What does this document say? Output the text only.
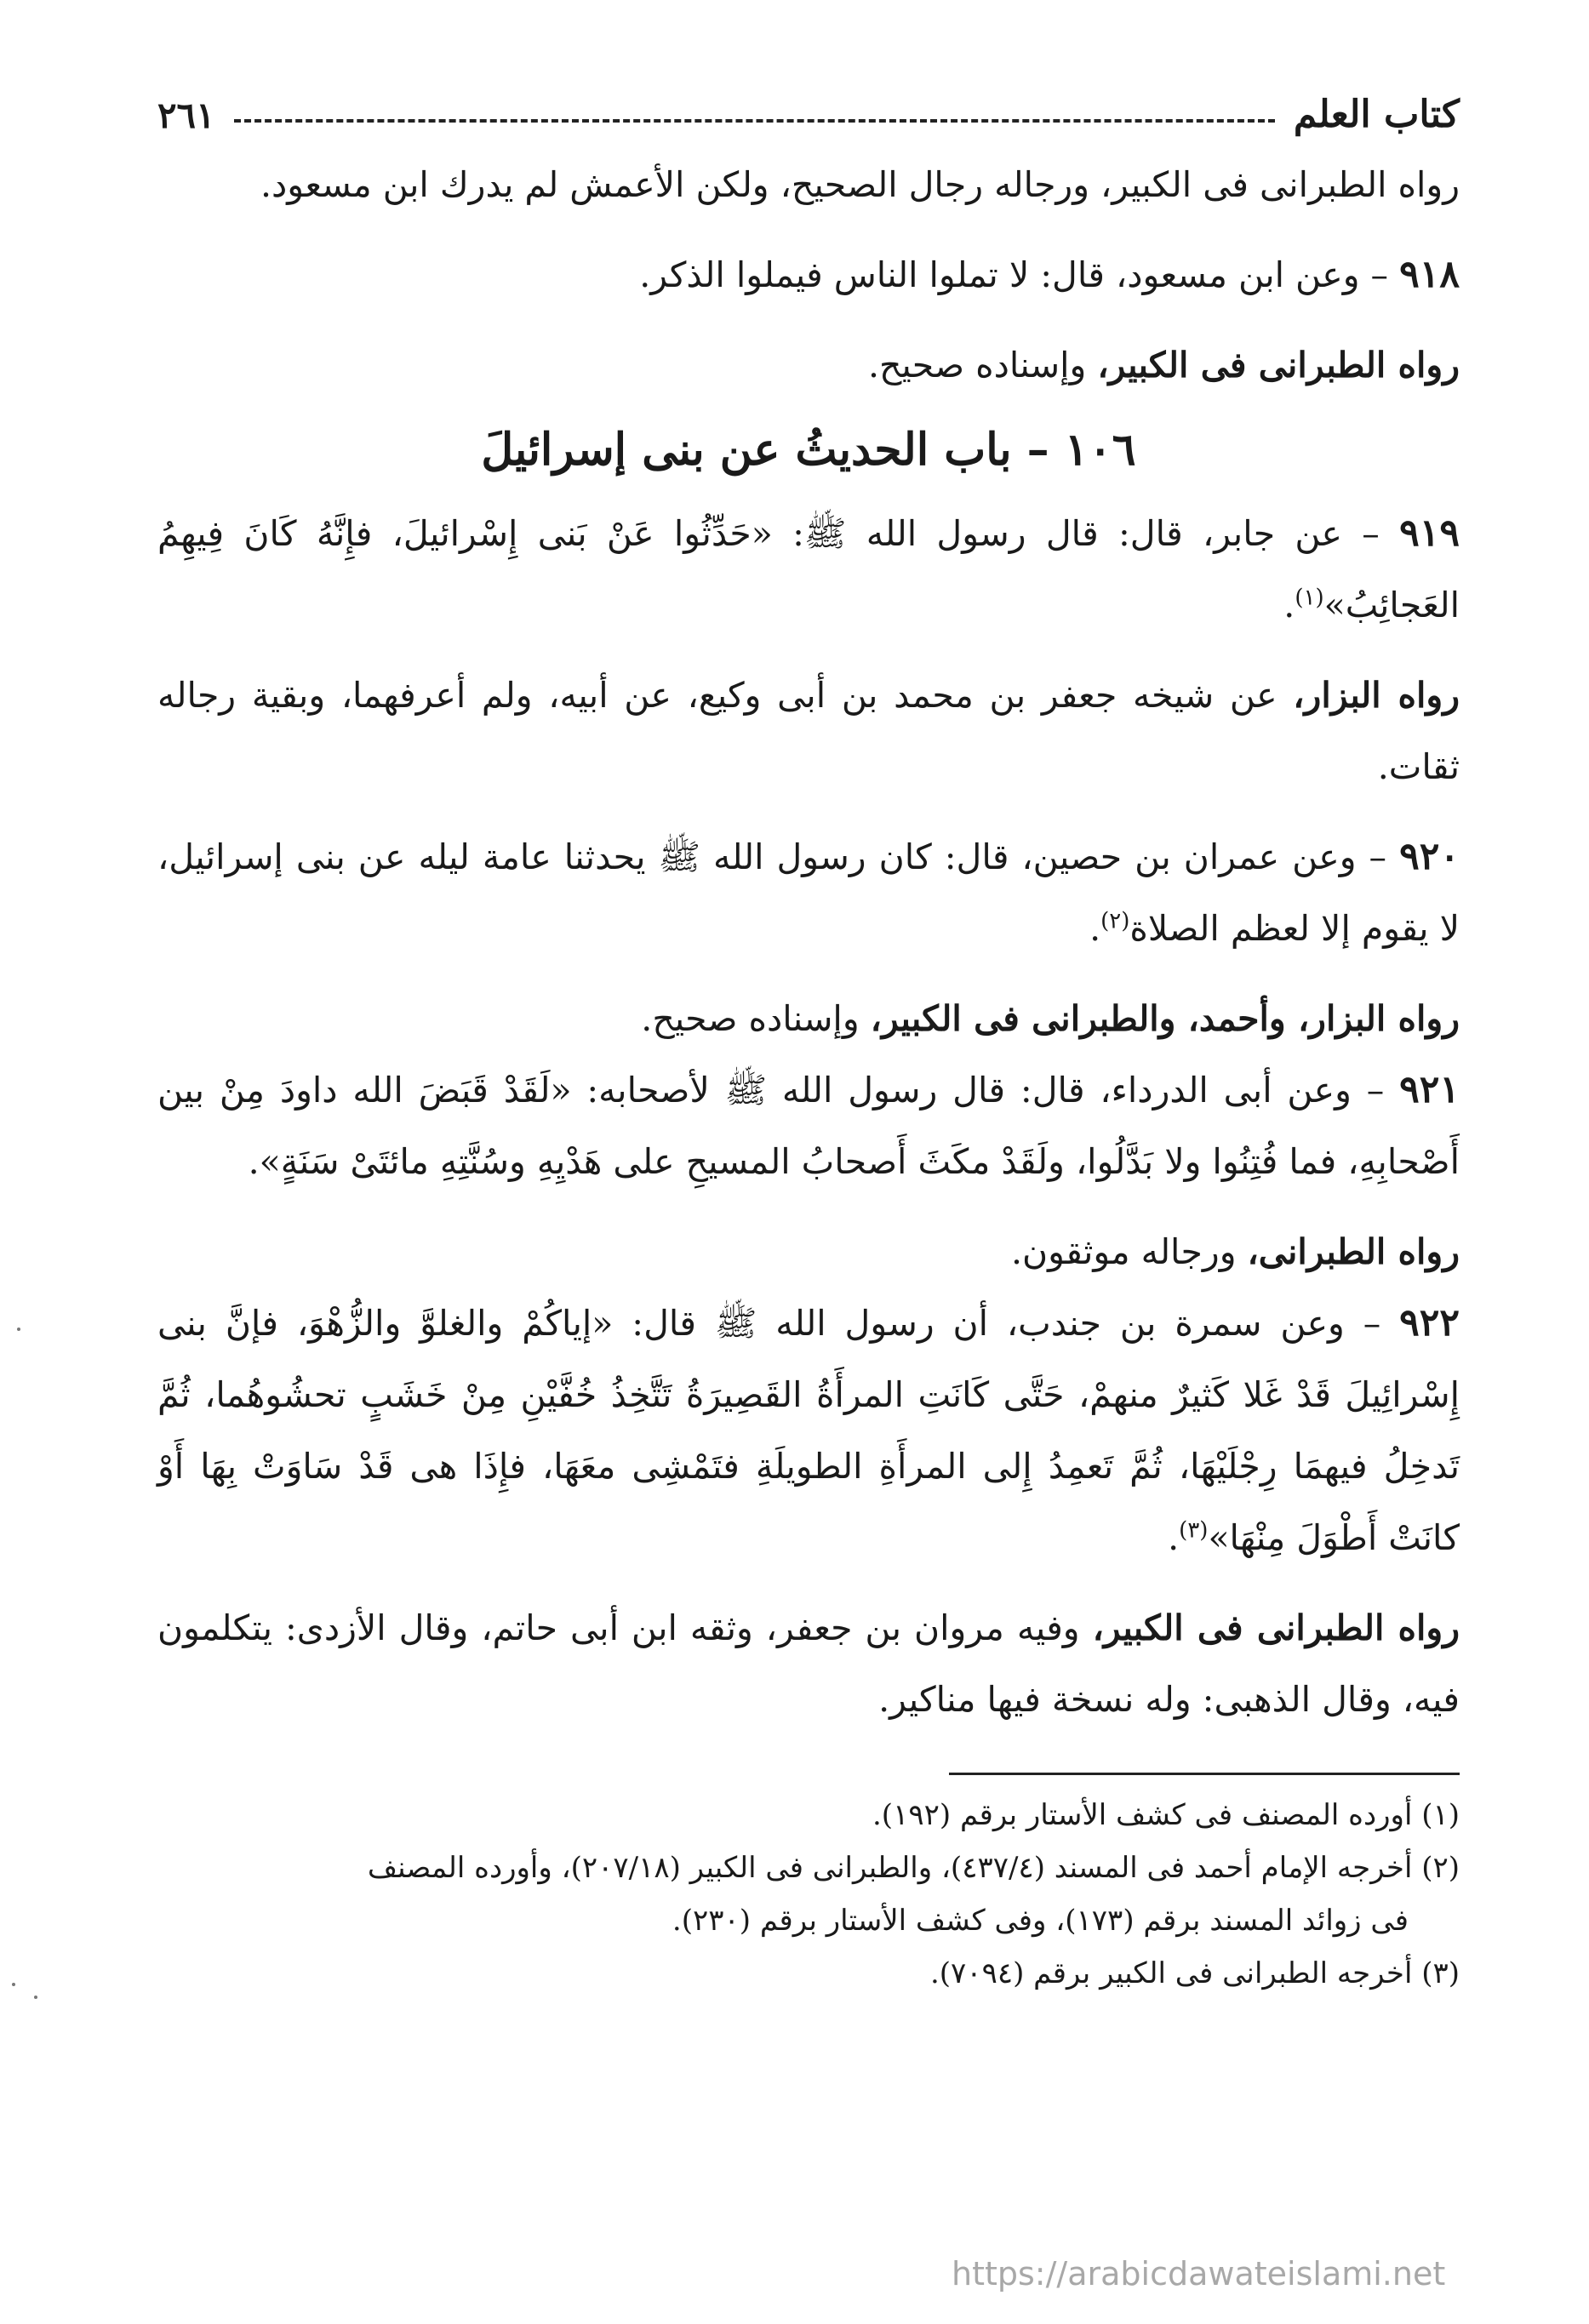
كتاب العلم
٢٦١

رواه الطبرانى فى الكبير، ورجاله رجال الصحيح، ولكن الأعمش لم يدرك ابن مسعود.

٩١٨ – وعن ابن مسعود، قال: لا تملوا الناس فيملوا الذكر.

رواه الطبرانى فى الكبير، وإسناده صحيح.

١٠٦ – باب الحديثُ عن بنى إسرائيلَ

٩١٩ – عن جابر، قال: قال رسول الله ﷺ: «حَدِّثُوا عَنْ بَنى إِسْرائيلَ، فإِنَّهُ كَانَ فِيهِمُ العَجائِبُ»$^{(١)}$.

رواه البزار، عن شيخه جعفر بن محمد بن أبى وكيع، عن أبيه، ولم أعرفهما، وبقية رجاله ثقات.

٩٢٠ – وعن عمران بن حصين، قال: كان رسول الله ﷺ يحدثنا عامة ليله عن بنى إسرائيل، لا يقوم إلا لعظم الصلاة$^{(٢)}$.

رواه البزار، وأحمد، والطبرانى فى الكبير، وإسناده صحيح.

٩٢١ – وعن أبى الدرداء، قال: قال رسول الله ﷺ لأصحابه: «لَقَدْ قَبَضَ الله داودَ مِنْ بين أَصْحابِهِ، فما فُتِنُوا ولا بَدَّلُوا، ولَقَدْ مكَثَ أَصحابُ المسيحِ على هَدْيِهِ وسُنَّتِهِ مائتَىْ سَنَةٍ».

رواه الطبرانى، ورجاله موثقون.

٩٢٢ – وعن سمرة بن جندب، أن رسول الله ﷺ قال: «إياكُمْ والغلوَّ والزُّهْوَ، فإنَّ بنى إِسْرائِيلَ قَدْ غَلا كَثيرٌ منهمْ، حَتَّى كَانَتِ المرأَةُ القَصِيرَةُ تَتَّخِذُ خُفَّيْنِ مِنْ خَشَبٍ تحشُوهُما، ثُمَّ تَدخِلُ فيهمَا رِجْلَيْهَا، ثُمَّ تَعمِدُ إِلى المرأَةِ الطويلَةِ فتَمْشِى معَهَا، فإِذَا هى قَدْ سَاوَتْ بِهَا أَوْ كانَتْ أَطْوَلَ مِنْهَا»$^{(٣)}$.

رواه الطبرانى فى الكبير، وفيه مروان بن جعفر، وثقه ابن أبى حاتم، وقال الأزدى: يتكلمون فيه، وقال الذهبى: وله نسخة فيها مناكير.

(١) أورده المصنف فى كشف الأستار برقم (١٩٢).

(٢) أخرجه الإمام أحمد فى المسند (٤٣٧/٤)، والطبرانى فى الكبير (٢٠٧/١٨)، وأورده المصنف

فى زوائد المسند برقم (١٧٣)، وفى كشف الأستار برقم (٢٣٠).

(٣) أخرجه الطبرانى فى الكبير برقم (٧٠٩٤).

https://arabicdawateislami.net
